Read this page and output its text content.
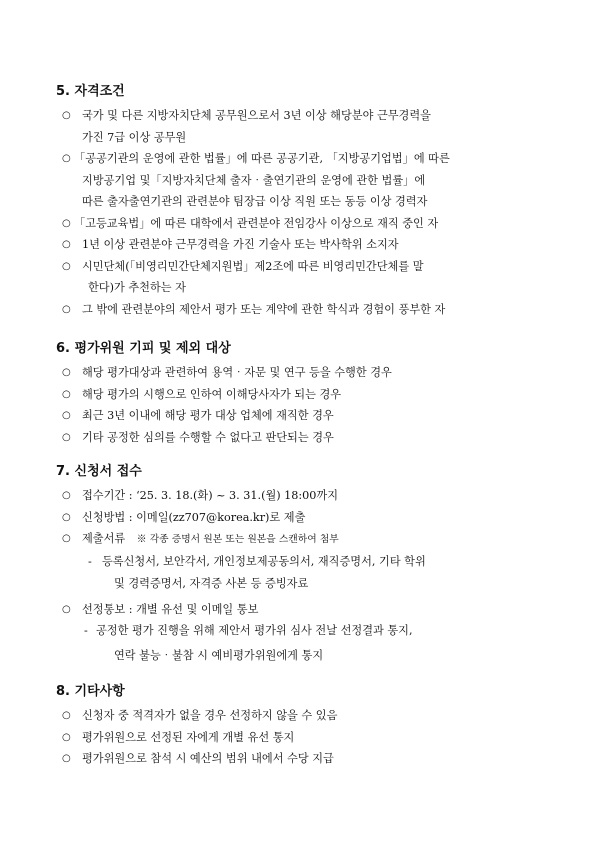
5. 자격조건
○ 국가 및 다른 지방자치단체 공무원으로서 3년 이상 해당분야 근무경력을
가진 7급 이상 공무원
○ 「공공기관의 운영에 관한 법률」에 따른 공공기관, 「지방공기업법」에 따른
지방공기업 및「지방자치단체 출자‧출연기관의 운영에 관한 법률」에
따른 출자출연기관의 관련분야 팀장급 이상 직원 또는 동등 이상 경력자
○ 「고등교육법」에 따른 대학에서 관련분야 전임강사 이상으로 재직 중인 자
○ 1년 이상 관련분야 근무경력을 가진 기술사 또는 박사학위 소지자
○ 시민단체(「비영리민간단체지원법」제2조에 따른 비영리민간단체를 말
한다)가 추천하는 자
○ 그 밖에 관련분야의 제안서 평가 또는 계약에 관한 학식과 경험이 풍부한 자
6. 평가위원 기피 및 제외 대상
○ 해당 평가대상과 관련하여 용역‧자문 및 연구 등을 수행한 경우
○ 해당 평가의 시행으로 인하여 이해당사자가 되는 경우
○ 최근 3년 이내에 해당 평가 대상 업체에 재직한 경우
○ 기타 공정한 심의를 수행할 수 없다고 판단되는 경우
7. 신청서 접수
○ 접수기간 : ‘25. 3. 18.(화) ~ 3. 31.(월) 18:00까지
○ 신청방법 : 이메일(zz707@korea.kr)로 제출
○ 제출서류 ※ 각종 증명서 원본 또는 원본을 스캔하여 첨부
- 등록신청서, 보안각서, 개인정보제공동의서, 재직증명서, 기타 학위
및 경력증명서, 자격증 사본 등 증빙자료
○ 선정통보 : 개별 유선 및 이메일 통보
- 공정한 평가 진행을 위해 제안서 평가위 심사 전날 선정결과 통지,
연락 불능‧불참 시 예비평가위원에게 통지
8. 기타사항
○ 신청자 중 적격자가 없을 경우 선정하지 않을 수 있음
○ 평가위원으로 선정된 자에게 개별 유선 통지
○ 평가위원으로 참석 시 예산의 범위 내에서 수당 지급
